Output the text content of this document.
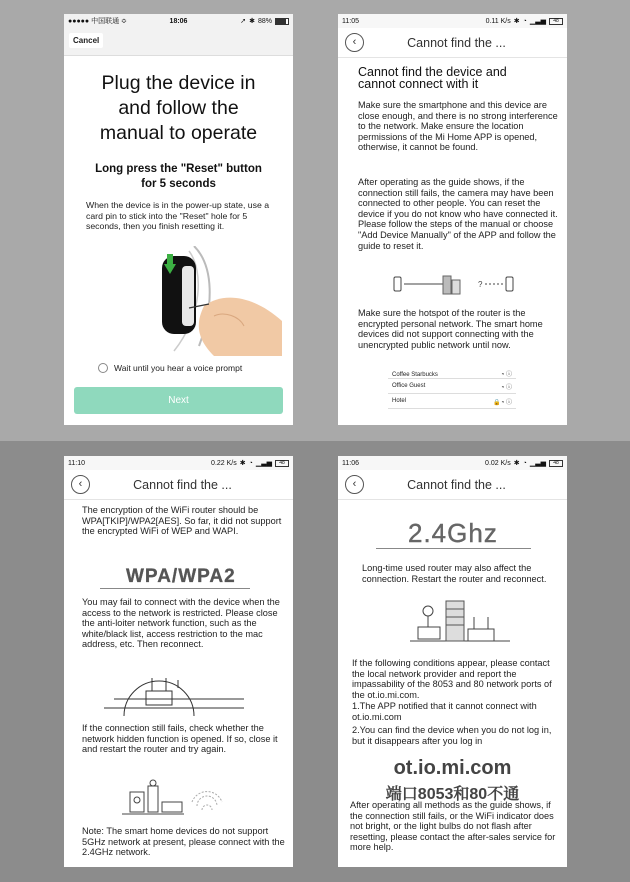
●●●●● 中国联通 ≎	18:06	➚ ✱ 88%
Cancel
Plug the device in
and follow the
manual to operate
Long press the "Reset" button
for 5 seconds
When the device is in the power-up state, use a card pin to stick into the "Reset" hole for 5 seconds, then you finish resetting it.
Wait until you hear a voice prompt
Next
11:05	0.11 K/s ✱ ◔ ▁▃▅	48
‹	Cannot find the ...
Cannot find the device and
cannot connect with it
Make sure the smartphone and this device are close enough, and there is no strong interference to the network. Make ensure the location permissions of the Mi Home APP is opened, otherwise, it cannot be found.
After operating as the guide shows, if the connection still fails, the camera may have been connected to other people. You can reset the device if you do not know who have connected it. Please follow the steps of the manual or choose "Add Device Manually" of the APP and follow the guide to reset it.
?
Make sure the hotspot of the router is the encrypted personal network. The smart home devices did not support connecting with the unencrypted public network until now.
Coffee Starbucks	◔ ⓘ
Office Guest	◔ ⓘ
Hotel	🔒◔ ⓘ
11:10	0.22 K/s ✱ ◔ ▁▃▅	48
‹	Cannot find the ...
The encryption of the WiFi router should be WPA[TKIP]/WPA2[AES]. So far, it did not support the encrypted WiFi of WEP and WAPI.
WPA/WPA2
You may fail to connect with the device when the access to the network is restricted. Please close the anti-loiter network function, such as the white/black list, access restriction to the mac address, etc. Then reconnect.
If the connection still fails, check whether the network hidden function is opened. If so, close it and restart the router and try again.
Note: The smart home devices do not support 5GHz network at present, please connect with the 2.4GHz network.
11:06	0.02 K/s ✱ ◔ ▁▃▅	48
‹	Cannot find the ...
2.4Ghz
Long-time used router may also affect the connection. Restart the router and reconnect.
If the following conditions appear, please contact the local network provider and report the impassability of the 8053 and 80 network ports of the ot.io.mi.com.
1.The APP notified that it cannot connect with ot.io.mi.com
2.You can find the device when you do not log in, but it disappears after you log in
ot.io.mi.com
端口8053和80不通
After operating all methods as the guide shows, if the connection still fails, or the WiFi indicator does not bright, or the light bulbs do not flash after resetting, please contact the after-sales service for more help.
